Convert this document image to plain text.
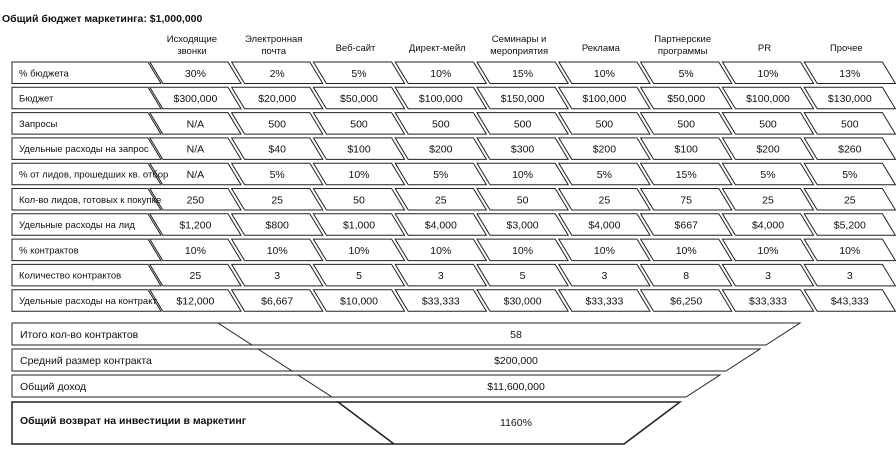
Общий бюджет маркетинга: $1,000,000
Исходящие
звонки
Электронная
почта	Веб-сайт	Директ-мейл
Семинары и
мероприятия	Реклама
Партнерские
программы	PR	Прочее
% бюджета	30%	2%	5%	10%	15%	10%	5%	10%	13%
Бюджет	$300,000	$20,000	$50,000	$100,000	$150,000	$100,000	$50,000	$100,000	$130,000
Запросы	N/A	500	500	500	500	500	500	500	500
Удельные расходы на запрос	N/A	$40	$100	$200	$300	$200	$100	$200	$260
% от лидов, прошедших кв. отбор N/A	5%	10%	5%	10%	5%	15%	5%	5%
Кол-во лидов, готовых к покупке 250	25	50	25	50	25	75	25	25
Удельные расходы на лид	$1,200	$800	$1,000	$4,000	$3,000	$4,000	$667	$4,000	$5,200
% контрактов	10%	10%	10%	10%	10%	10%	10%	10%	10%
Количество контрактов	25	3	5	3	5	3	8	3	3
Удельные расходы на контракт $12,000	$6,667	$10,000	$33,333	$30,000	$33,333	$6,250	$33,333	$43,333
Итого кол-во контрактов	58
Средний размер контракта	$200,000
Общий доход	$11,600,000
Общий возврат на инвестиции в маркетинг	1160%
